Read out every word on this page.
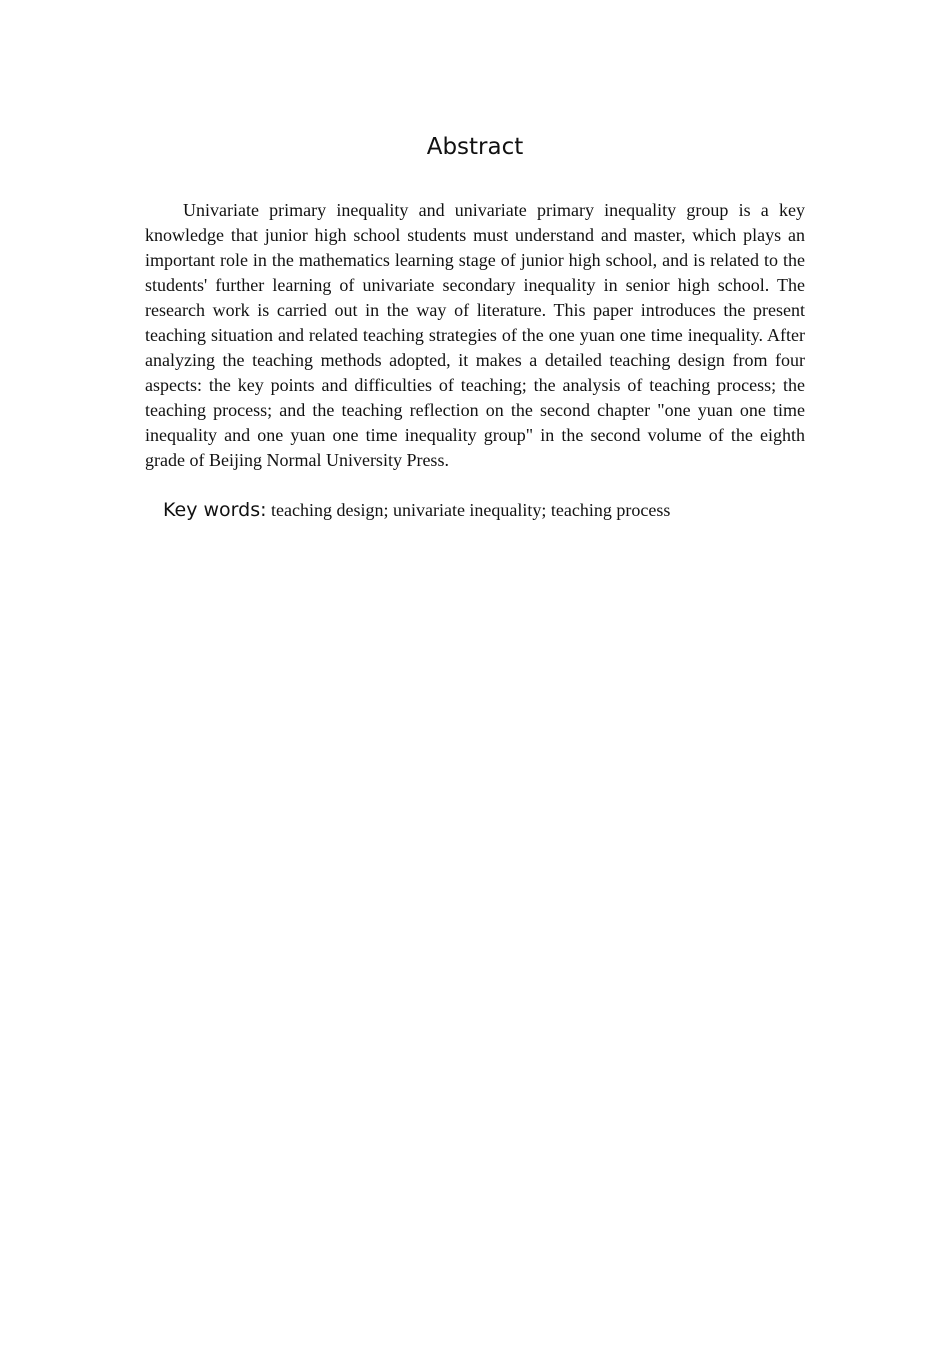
Abstract

Univariate primary inequality and univariate primary inequality group is a key knowledge that junior high school students must understand and master, which plays an important role in the mathematics learning stage of junior high school, and is related to the students' further learning of univariate secondary inequality in senior high school. The research work is carried out in the way of literature. This paper introduces the present teaching situation and related teaching strategies of the one yuan one time inequality. After analyzing the teaching methods adopted, it makes a detailed teaching design from four aspects: the key points and difficulties of teaching; the analysis of teaching process; the teaching process; and the teaching reflection on the second chapter "one yuan one time inequality and one yuan one time inequality group" in the second volume of the eighth grade of Beijing Normal University Press.

Key words: teaching design; univariate inequality; teaching process
